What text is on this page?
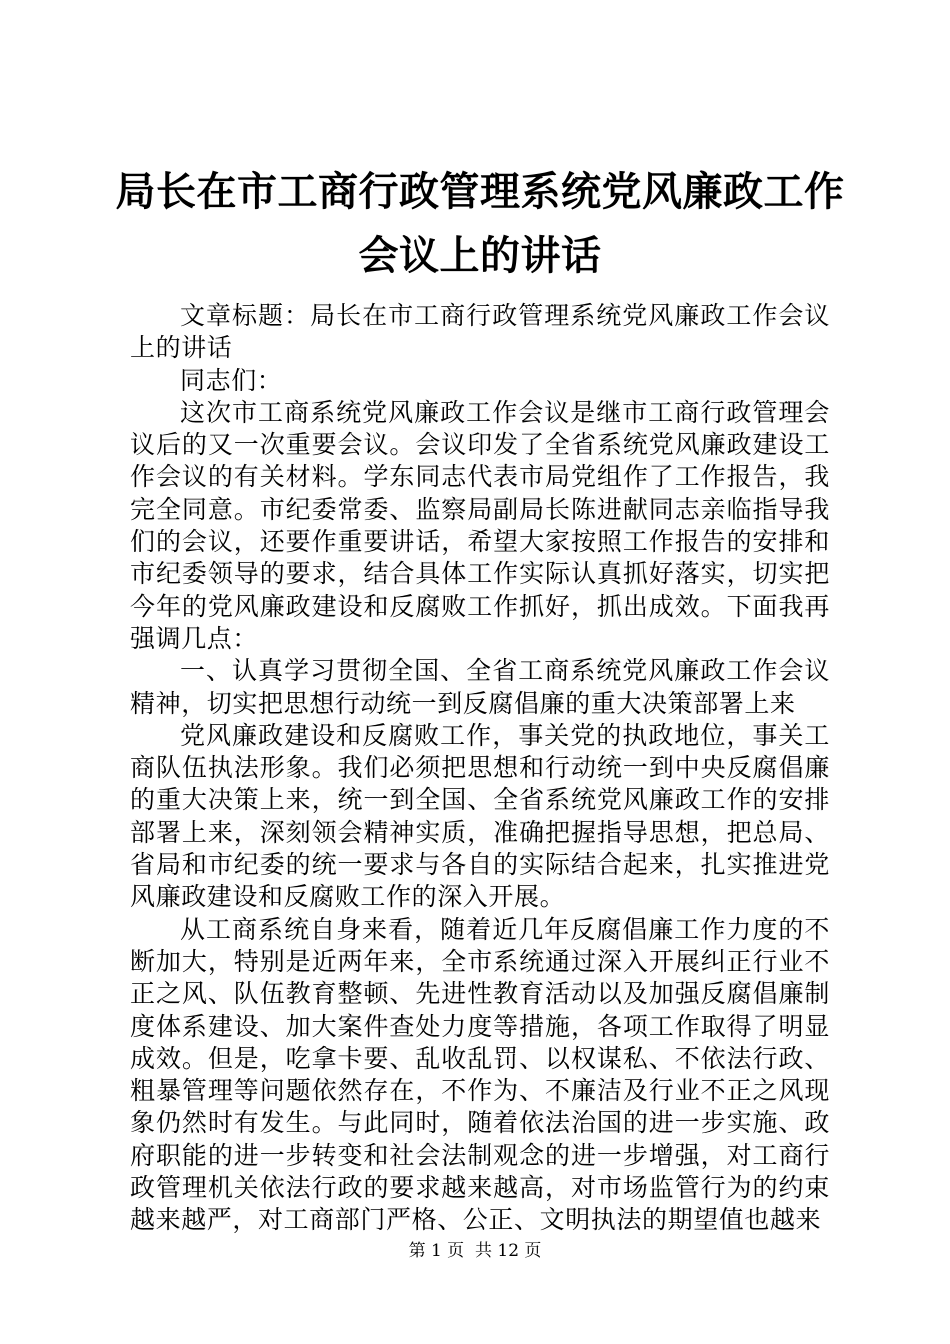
局长在市工商行政管理系统党风廉政工作会议上的讲话

文章标题：局长在市工商行政管理系统党风廉政工作会议上的讲话

同志们：

这次市工商系统党风廉政工作会议是继市工商行政管理会议后的又一次重要会议。会议印发了全省系统党风廉政建设工作会议的有关材料。学东同志代表市局党组作了工作报告，我完全同意。市纪委常委、监察局副局长陈进献同志亲临指导我们的会议，还要作重要讲话，希望大家按照工作报告的安排和市纪委领导的要求，结合具体工作实际认真抓好落实，切实把今年的党风廉政建设和反腐败工作抓好，抓出成效。下面我再强调几点：

一、认真学习贯彻全国、全省工商系统党风廉政工作会议精神，切实把思想行动统一到反腐倡廉的重大决策部署上来

党风廉政建设和反腐败工作，事关党的执政地位，事关工商队伍执法形象。我们必须把思想和行动统一到中央反腐倡廉的重大决策上来，统一到全国、全省系统党风廉政工作的安排部署上来，深刻领会精神实质，准确把握指导思想，把总局、省局和市纪委的统一要求与各自的实际结合起来，扎实推进党风廉政建设和反腐败工作的深入开展。

从工商系统自身来看，随着近几年反腐倡廉工作力度的不断加大，特别是近两年来，全市系统通过深入开展纠正行业不正之风、队伍教育整顿、先进性教育活动以及加强反腐倡廉制度体系建设、加大案件查处力度等措施，各项工作取得了明显成效。但是，吃拿卡要、乱收乱罚、以权谋私、不依法行政、粗暴管理等问题依然存在，不作为、不廉洁及行业不正之风现象仍然时有发生。与此同时，随着依法治国的进一步实施、政府职能的进一步转变和社会法制观念的进一步增强，对工商行政管理机关依法行政的要求越来越高，对市场监管行为的约束越来越严，对工商部门严格、公正、文明执法的期望值也越来

第 1 页  共 12 页
